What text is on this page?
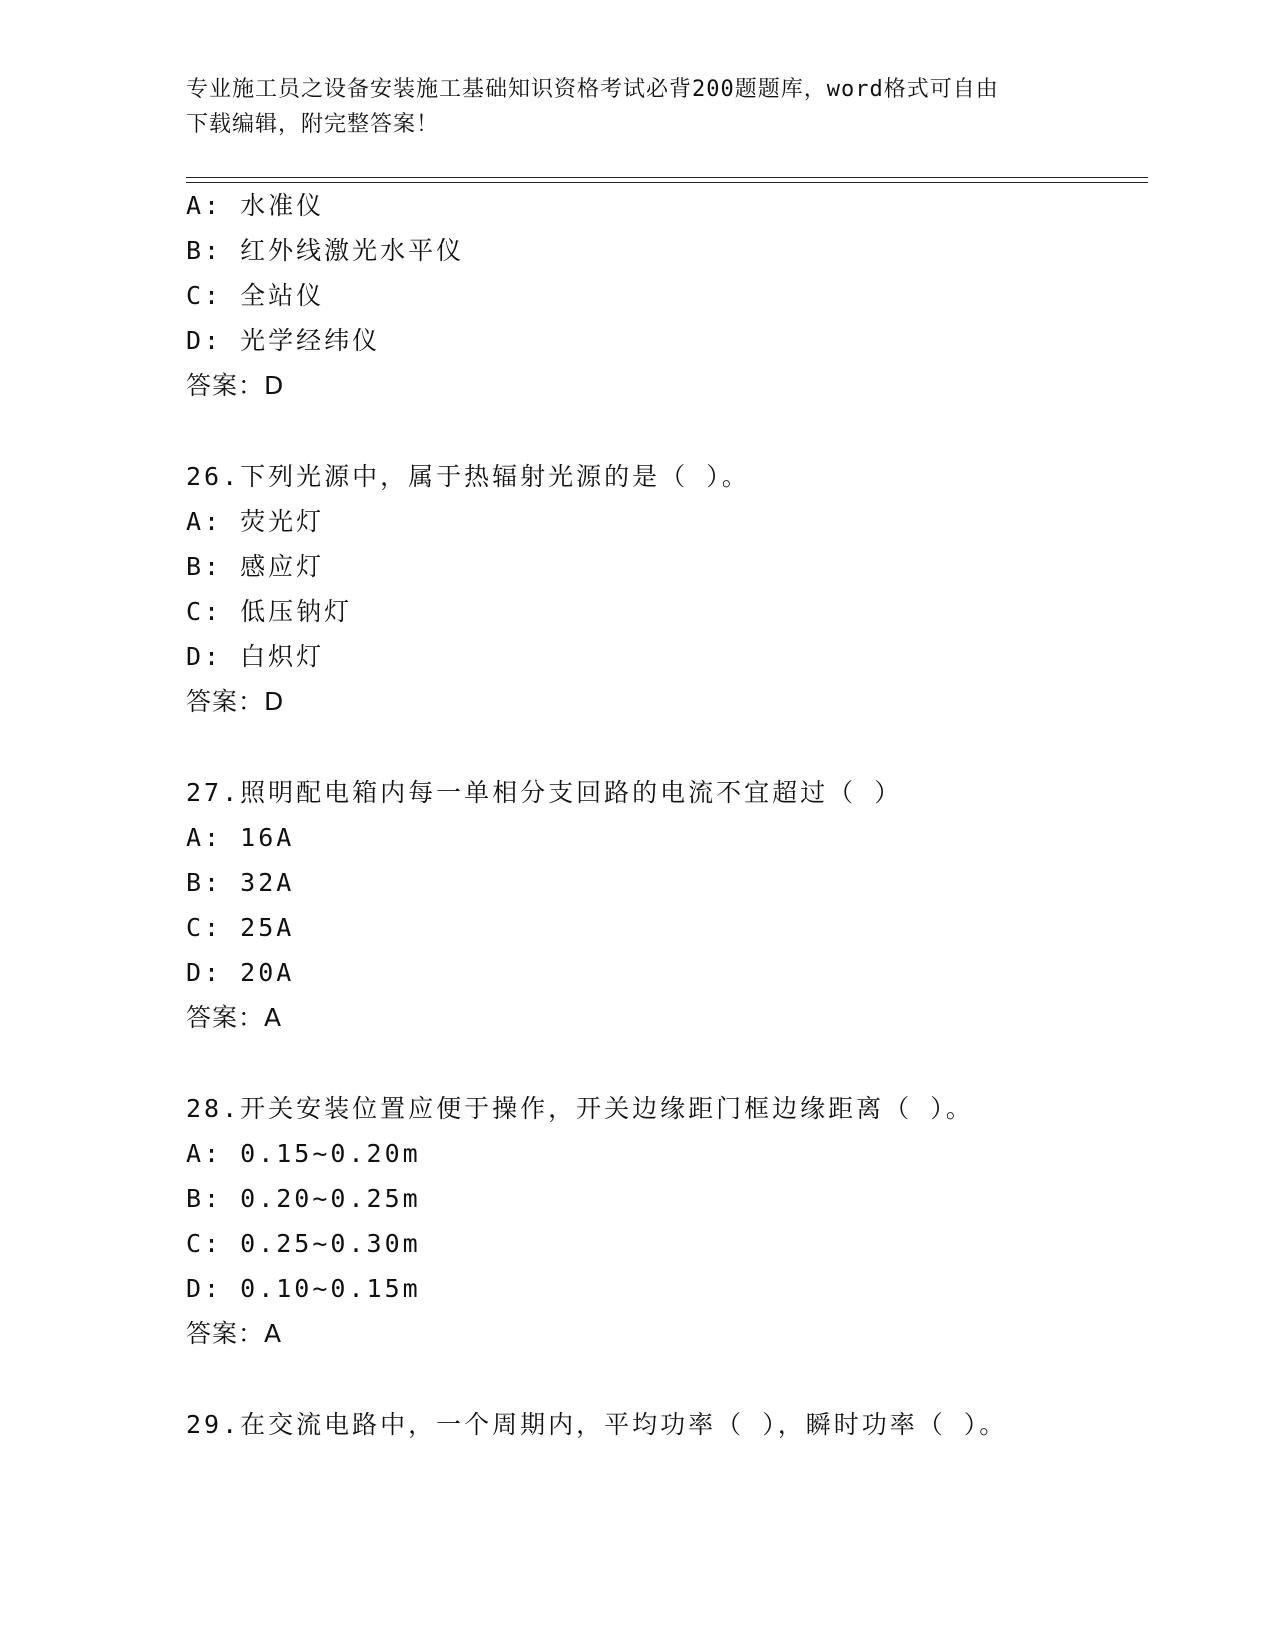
专业施工员之设备安装施工基础知识资格考试必背200题题库，word格式可自由
下载编辑，附完整答案！
A: 水准仪
B: 红外线激光水平仪
C: 全站仪
D: 光学经纬仪
答案：D
26.下列光源中，属于热辐射光源的是（ ）。
A: 荧光灯
B: 感应灯
C: 低压钠灯
D: 白炽灯
答案：D
27.照明配电箱内每一单相分支回路的电流不宜超过（ ）
A: 16A
B: 32A
C: 25A
D: 20A
答案：A
28.开关安装位置应便于操作，开关边缘距门框边缘距离（ ）。
A: 0.15~0.20m
B: 0.20~0.25m
C: 0.25~0.30m
D: 0.10~0.15m
答案：A
29.在交流电路中，一个周期内，平均功率（ ），瞬时功率（ ）。
